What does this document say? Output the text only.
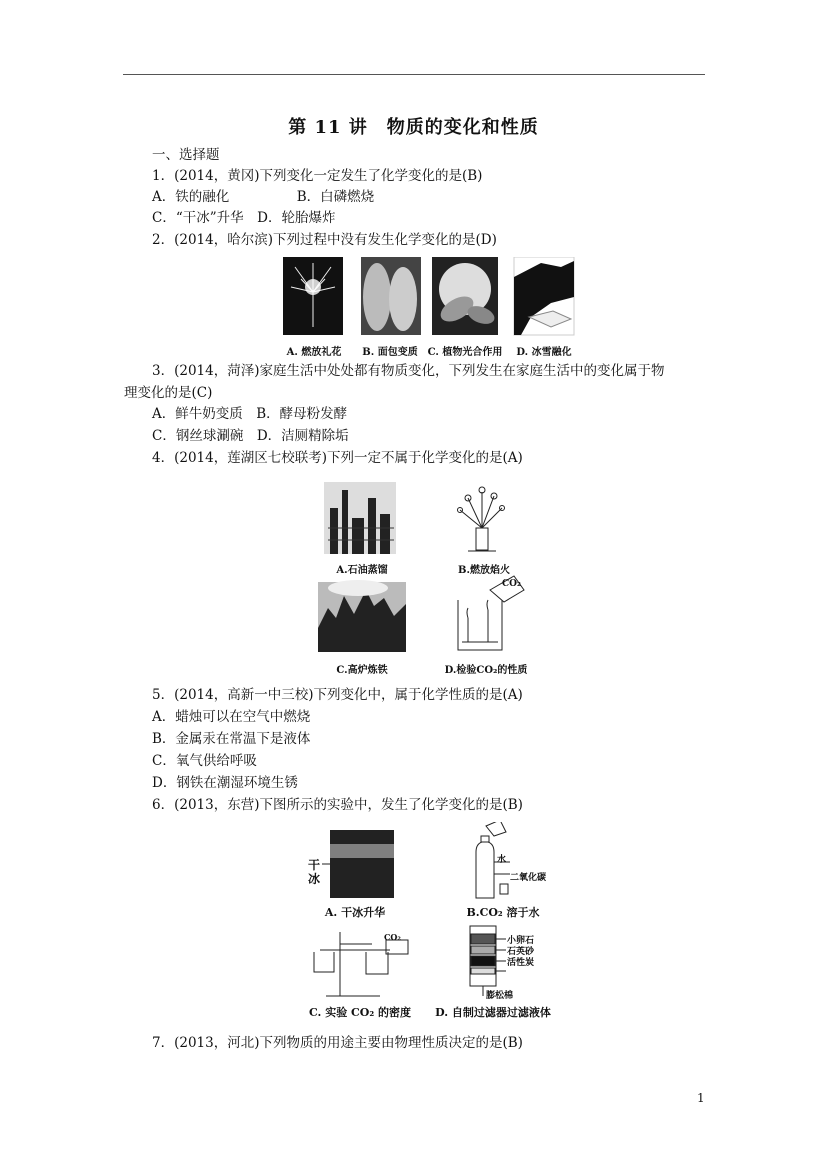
第 11 讲　物质的变化和性质
一、选择题
1．(2014，黄冈)下列变化一定发生了化学变化的是(B)
A．铁的融化　　　　　B．白磷燃烧
C．“干冰”升华　D．轮胎爆炸
2．(2014，哈尔滨)下列过程中没有发生化学变化的是(D)
A. 燃放礼花	B. 面包变质 C. 植物光合作用	D. 冰雪融化
3．(2014，菏泽)家庭生活中处处都有物质变化，下列发生在家庭生活中的变化属于物
理变化的是(C)
A．鲜牛奶变质　B．酵母粉发酵
C．钢丝球涮碗　D．洁厕精除垢
4．(2014，莲湖区七校联考)下列一定不属于化学变化的是(A)
CO₂
A.石油蒸馏	B.燃放焰火
C.高炉炼铁	D.检验CO₂的性质
5．(2014，高新一中三校)下列变化中，属于化学性质的是(A)
A．蜡烛可以在空气中燃烧
B．金属汞在常温下是液体
C．氧气供给呼吸
D．钢铁在潮湿环境生锈
6．(2013，东营)下图所示的实验中，发生了化学变化的是(B)
干
冰
水
二氧化碳
CO₂	小卵石
石英砂
活性炭
膨松棉
A. 干冰升华	B.CO₂ 溶于水
C. 实验 CO₂ 的密度	D. 自制过滤器过滤液体
7．(2013，河北)下列物质的用途主要由物理性质决定的是(B)
1
